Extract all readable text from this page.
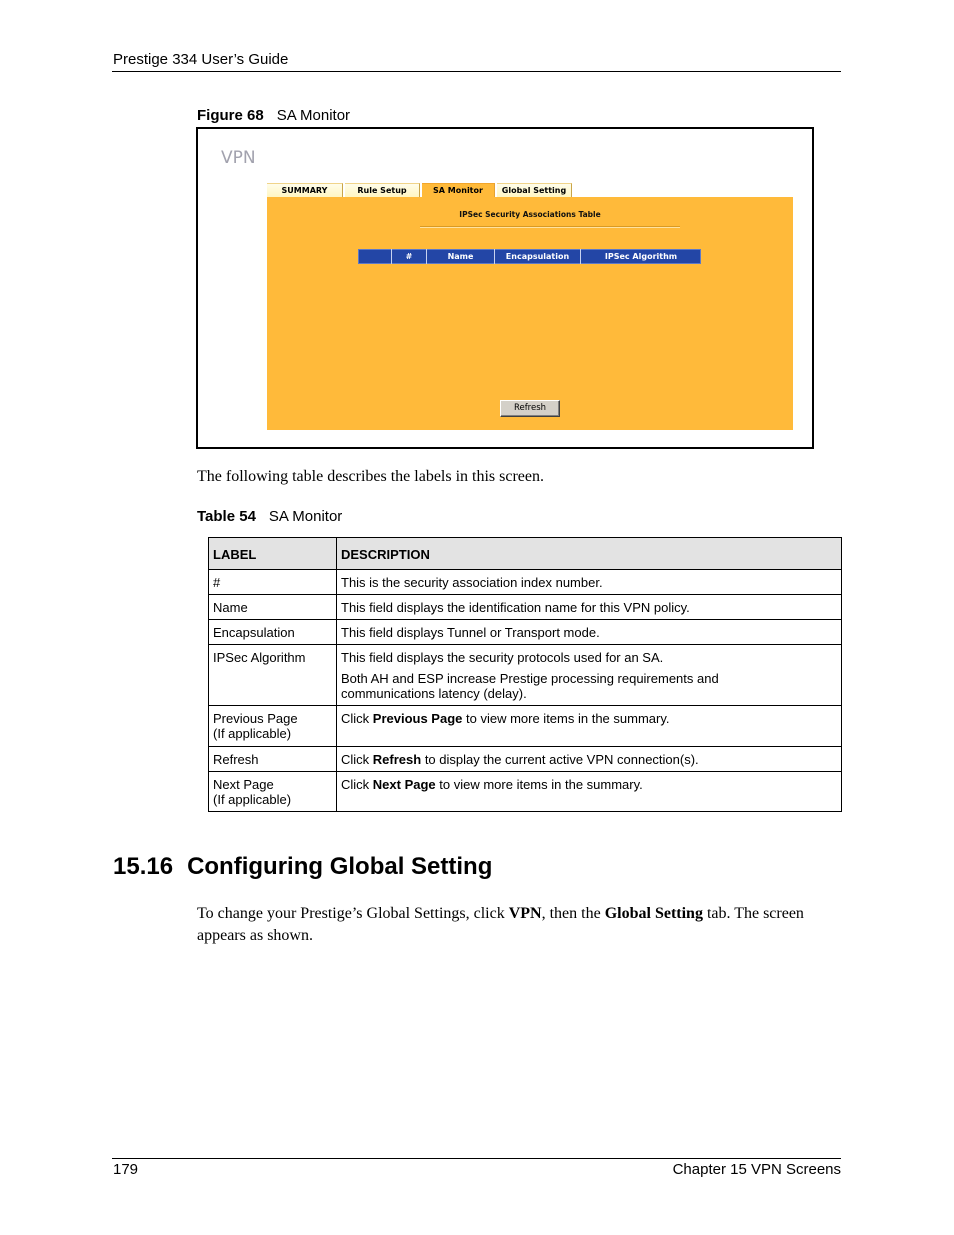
Prestige 334 User’s Guide
Figure 68 SA Monitor
VPN
SUMMARY	Rule Setup	SA Monitor	Global Setting
IPSec Security Associations Table
#	Name	Encapsulation	IPSec Algorithm
Refresh
The following table describes the labels in this screen.
Table 54 SA Monitor
LABEL	DESCRIPTION
#	This is the security association index number.
Name	This field displays the identification name for this VPN policy.
Encapsulation	This field displays Tunnel or Transport mode.
IPSec Algorithm	This field displays the security protocols used for an SA.
Both AH and ESP increase Prestige processing requirements and communications latency (delay).

Previous Page
(If applicable)	Click Previous Page to view more items in the summary.
Refresh	Click Refresh to display the current active VPN connection(s).

Next Page
(If applicable)	Click Next Page to view more items in the summary.
15.16 Configuring Global Setting
To change your Prestige’s Global Settings, click VPN, then the Global Setting tab. The screen appears as shown.
179	Chapter 15 VPN Screens
